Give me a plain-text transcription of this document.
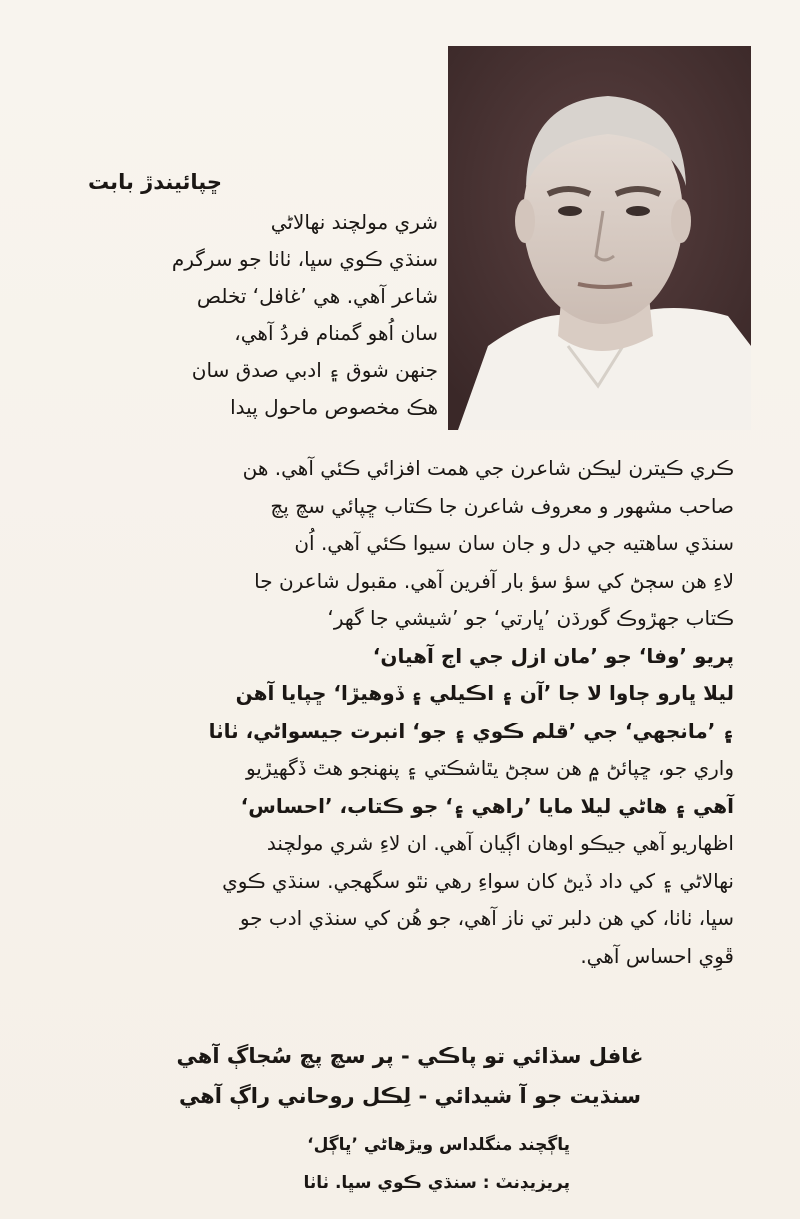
ڇپائيندڙ بابت
شري مولچند نهالاڻي
سنڌي ڪوي سڀا، ٺاٺا جو سرگرم
شاعر آهي. هي ’غافل‘ تخلص
سان اُهو گمنام فردُ آهي،
جنهن شوق ۽ ادبي صدق سان
هڪ مخصوص ماحول پيدا
ڪري ڪيترن ليڪن شاعرن جي همت افزائي ڪئي آهي. هن
صاحب مشهور و معروف شاعرن جا ڪتاب ڇپائي سچ پچ
سنڌي ساهتيه جي دل و جان سان سيوا ڪئي آهي. اُن
لاءِ هن سڄڻ کي سؤ سؤ بار آفرين آهي. مقبول شاعرن جا
ڪتاب جهڙوڪ گورڌن ’ڀارتي‘ جو ’شيشي جا گهر‘
پريو ’وفا‘ جو ’مان ازل جي اڄ آهيان‘
ليلا ڀارو ڄاوا لا جا ’آن ۽ اڪيلي ۽ ڏوهيڙا‘ ڇپايا آهن
۽ ’مانجهي‘ جي ’قلم ڪوي ۽ جو‘ انبرت جيسواڻي، ٺاٺا
واري جو، ڇپائڻ ۾ هن سڄڻ يٿاشڪتي ۽ پنهنجو هٿ ڏگهيڙيو
آهي ۽ هاڻي ليلا مايا ’راهي ۽‘ جو ڪتاب، ’احساس‘
اظهاريو آهي جيڪو اوهان اڳيان آهي. ان لاءِ شري مولچند
نهالاڻي ۽ کي داد ڏيڻ کان سواءِ رهي نٿو سگهجي. سنڌي ڪوي
سڀا، ٺاٺا، کي هن دلبر تي ناز آهي، جو هُن کي سنڌي ادب جو
ڦوِي احساس آهي.
غافل سڌائي تو پاڪي - پر سچ پچ سُجاڳ آهي
سنڌيت جو آ شيدائي - لِڪل روحاني راڳ آهي
ڀاڳچند منگلداس ويڙهاڻي ’ڀاڳل‘
پريزيڊنٽ : سنڌي ڪوي سڀا. ٺاٺا
